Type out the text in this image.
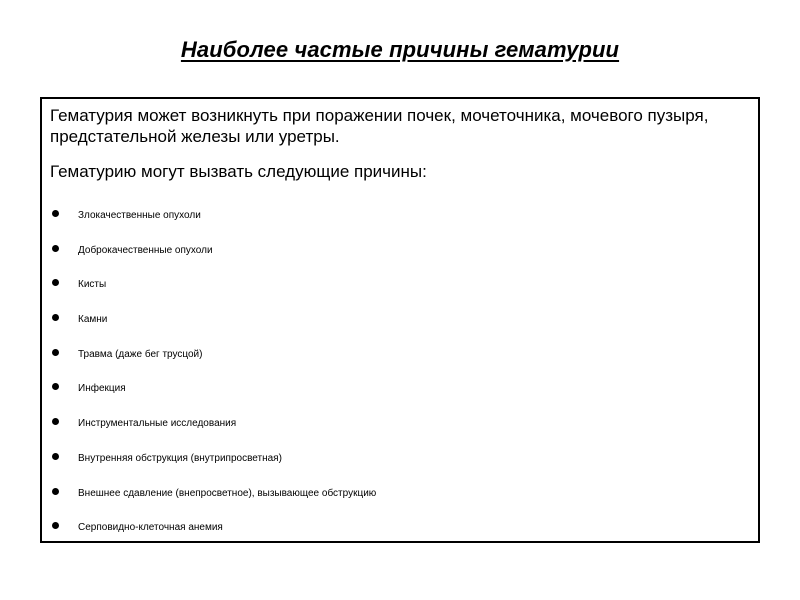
Наиболее частые причины гематурии

Гематурия может возникнуть при поражении почек, мочеточника, мочевого пузыря, предстательной железы или уретры.

Гематурию могут вызвать следующие причины:

Злокачественные опухоли
Доброкачественные опухоли
Кисты
Камни
Травма (даже бег трусцой)
Инфекция
Инструментальные исследования
Внутренняя обструкция (внутрипросветная)
Внешнее сдавление (внепросветное), вызывающее обструкцию
Серповидно-клеточная анемия
